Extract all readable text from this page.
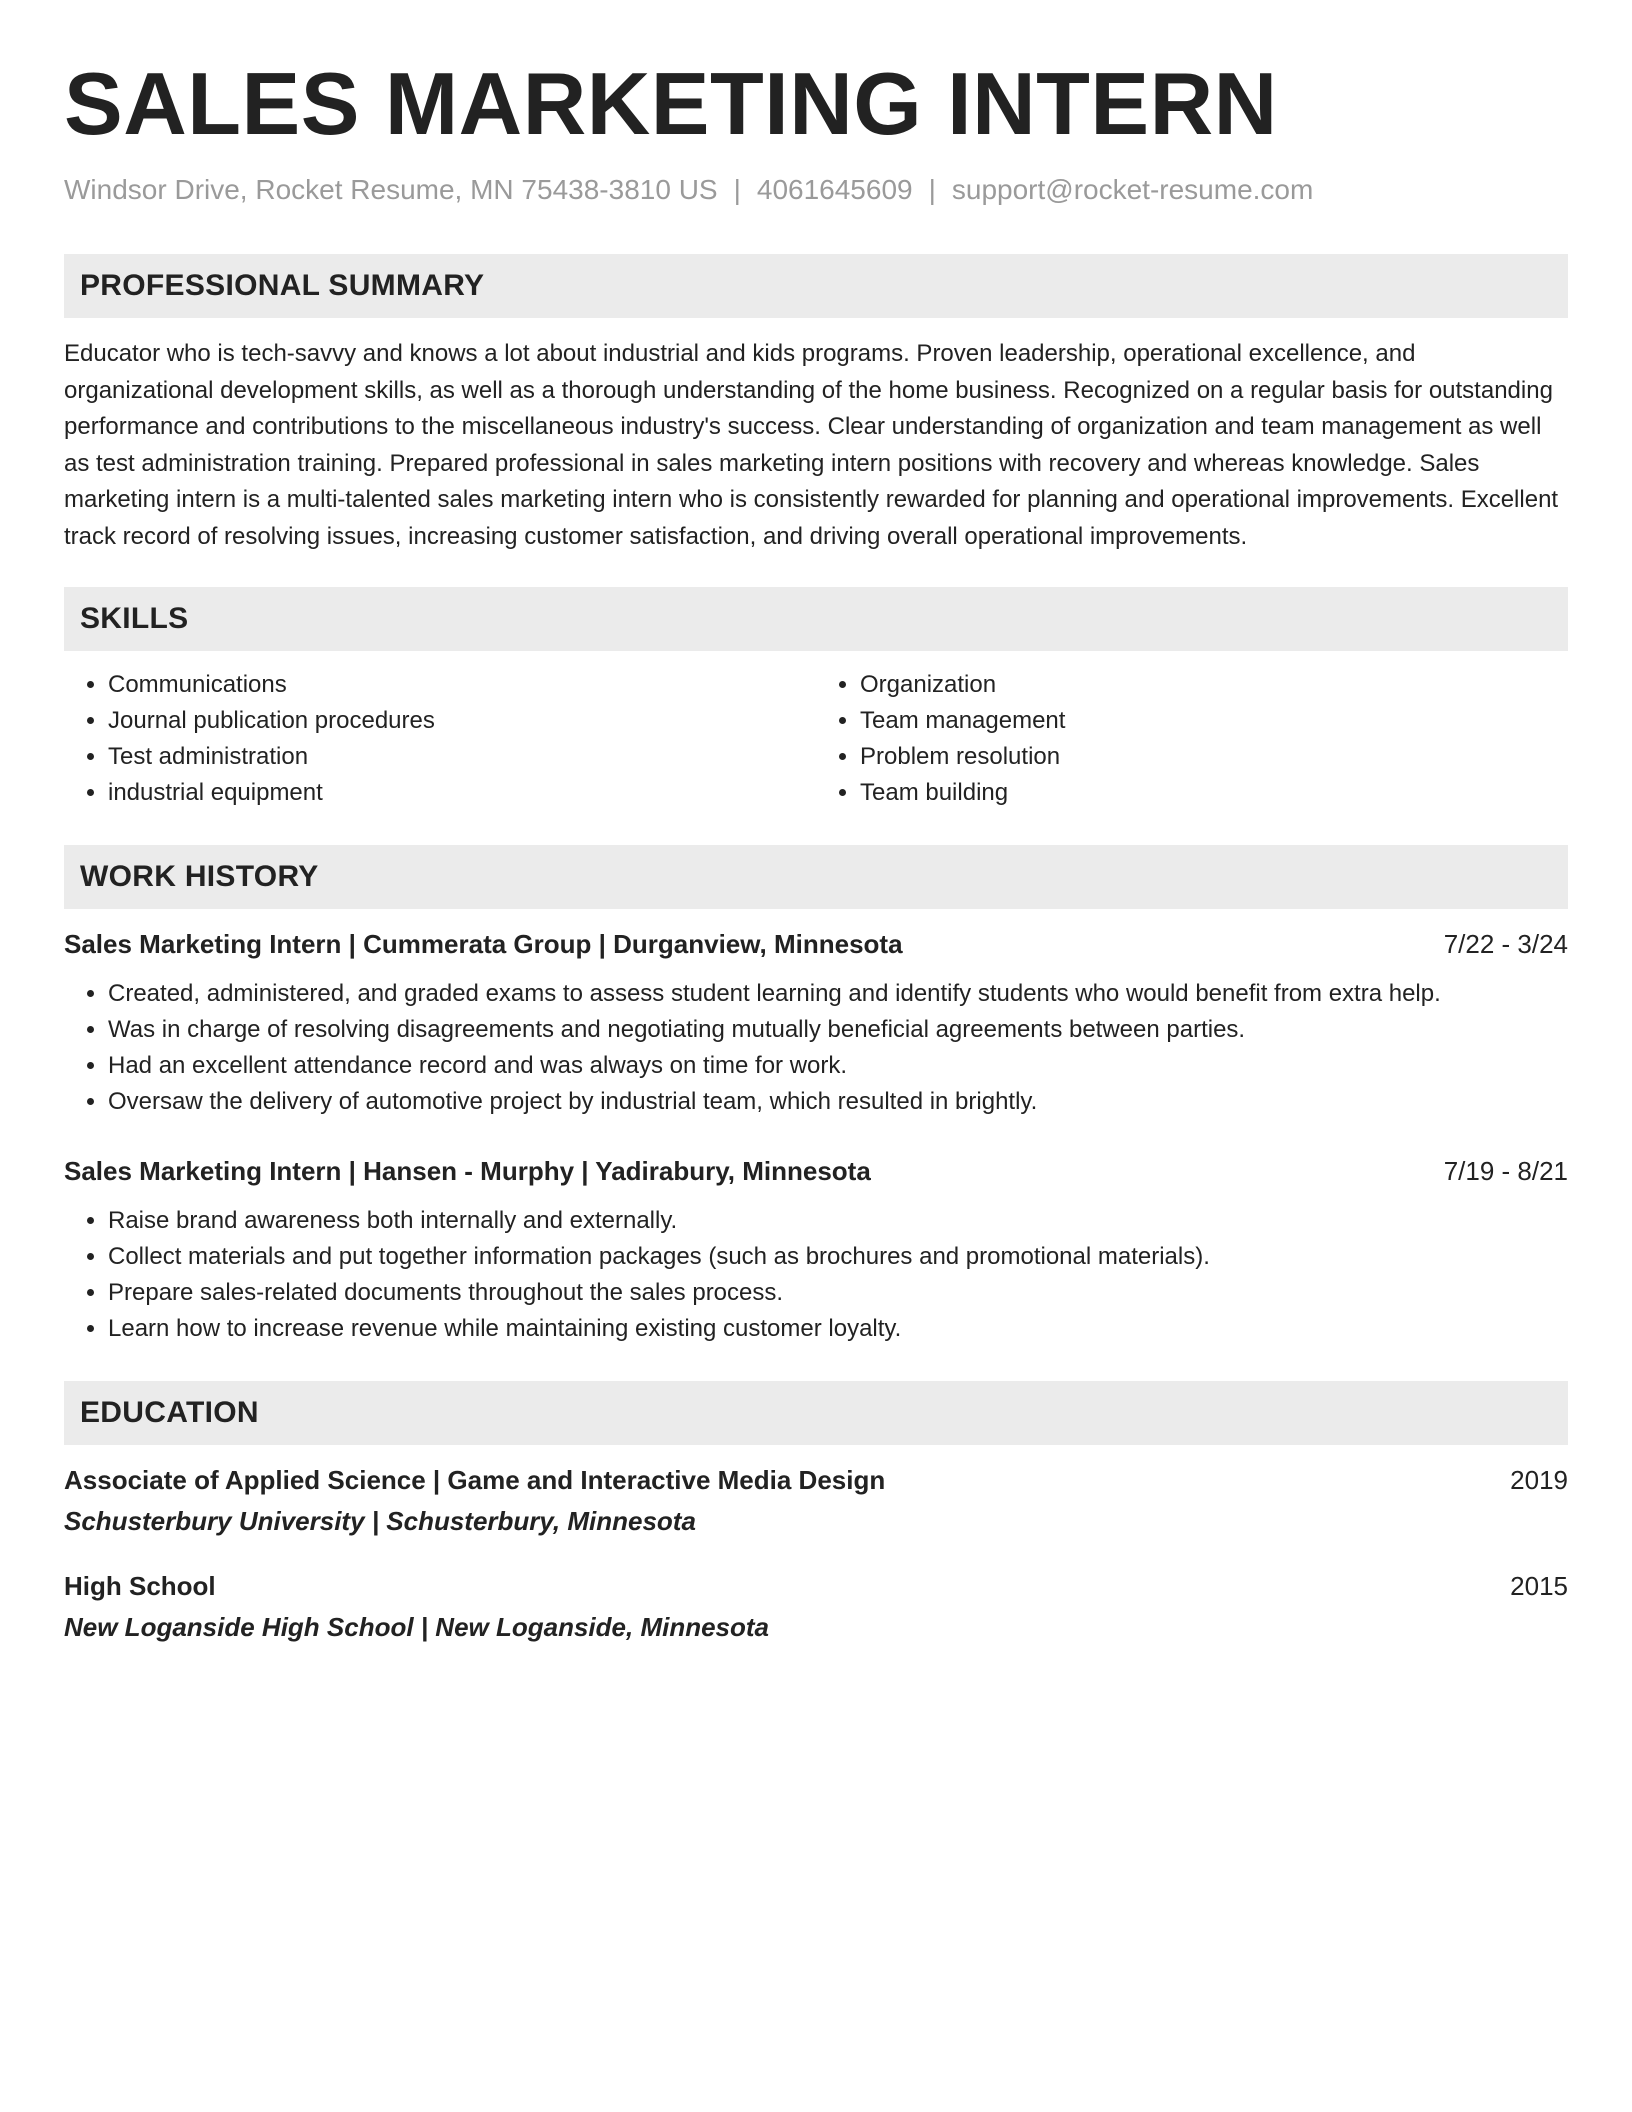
SALES MARKETING INTERN
Windsor Drive, Rocket Resume, MN 75438-3810 US | 4061645609 | support@rocket-resume.com
PROFESSIONAL SUMMARY
Educator who is tech-savvy and knows a lot about industrial and kids programs. Proven leadership, operational excellence, and organizational development skills, as well as a thorough understanding of the home business. Recognized on a regular basis for outstanding performance and contributions to the miscellaneous industry's success. Clear understanding of organization and team management as well as test administration training. Prepared professional in sales marketing intern positions with recovery and whereas knowledge. Sales marketing intern is a multi-talented sales marketing intern who is consistently rewarded for planning and operational improvements. Excellent track record of resolving issues, increasing customer satisfaction, and driving overall operational improvements.
SKILLS
• Communications
• Journal publication procedures
• Test administration
• industrial equipment
• Organization
• Team management
• Problem resolution
• Team building
WORK HISTORY
Sales Marketing Intern | Cummerata Group | Durganview, Minnesota	7/22 - 3/24
• Created, administered, and graded exams to assess student learning and identify students who would benefit from extra help.
• Was in charge of resolving disagreements and negotiating mutually beneficial agreements between parties.
• Had an excellent attendance record and was always on time for work.
• Oversaw the delivery of automotive project by industrial team, which resulted in brightly.
Sales Marketing Intern | Hansen - Murphy | Yadirabury, Minnesota	7/19 - 8/21
• Raise brand awareness both internally and externally.
• Collect materials and put together information packages (such as brochures and promotional materials).
• Prepare sales-related documents throughout the sales process.
• Learn how to increase revenue while maintaining existing customer loyalty.
EDUCATION
Associate of Applied Science | Game and Interactive Media Design	2019
Schusterbury University | Schusterbury, Minnesota
High School	2015
New Loganside High School | New Loganside, Minnesota
